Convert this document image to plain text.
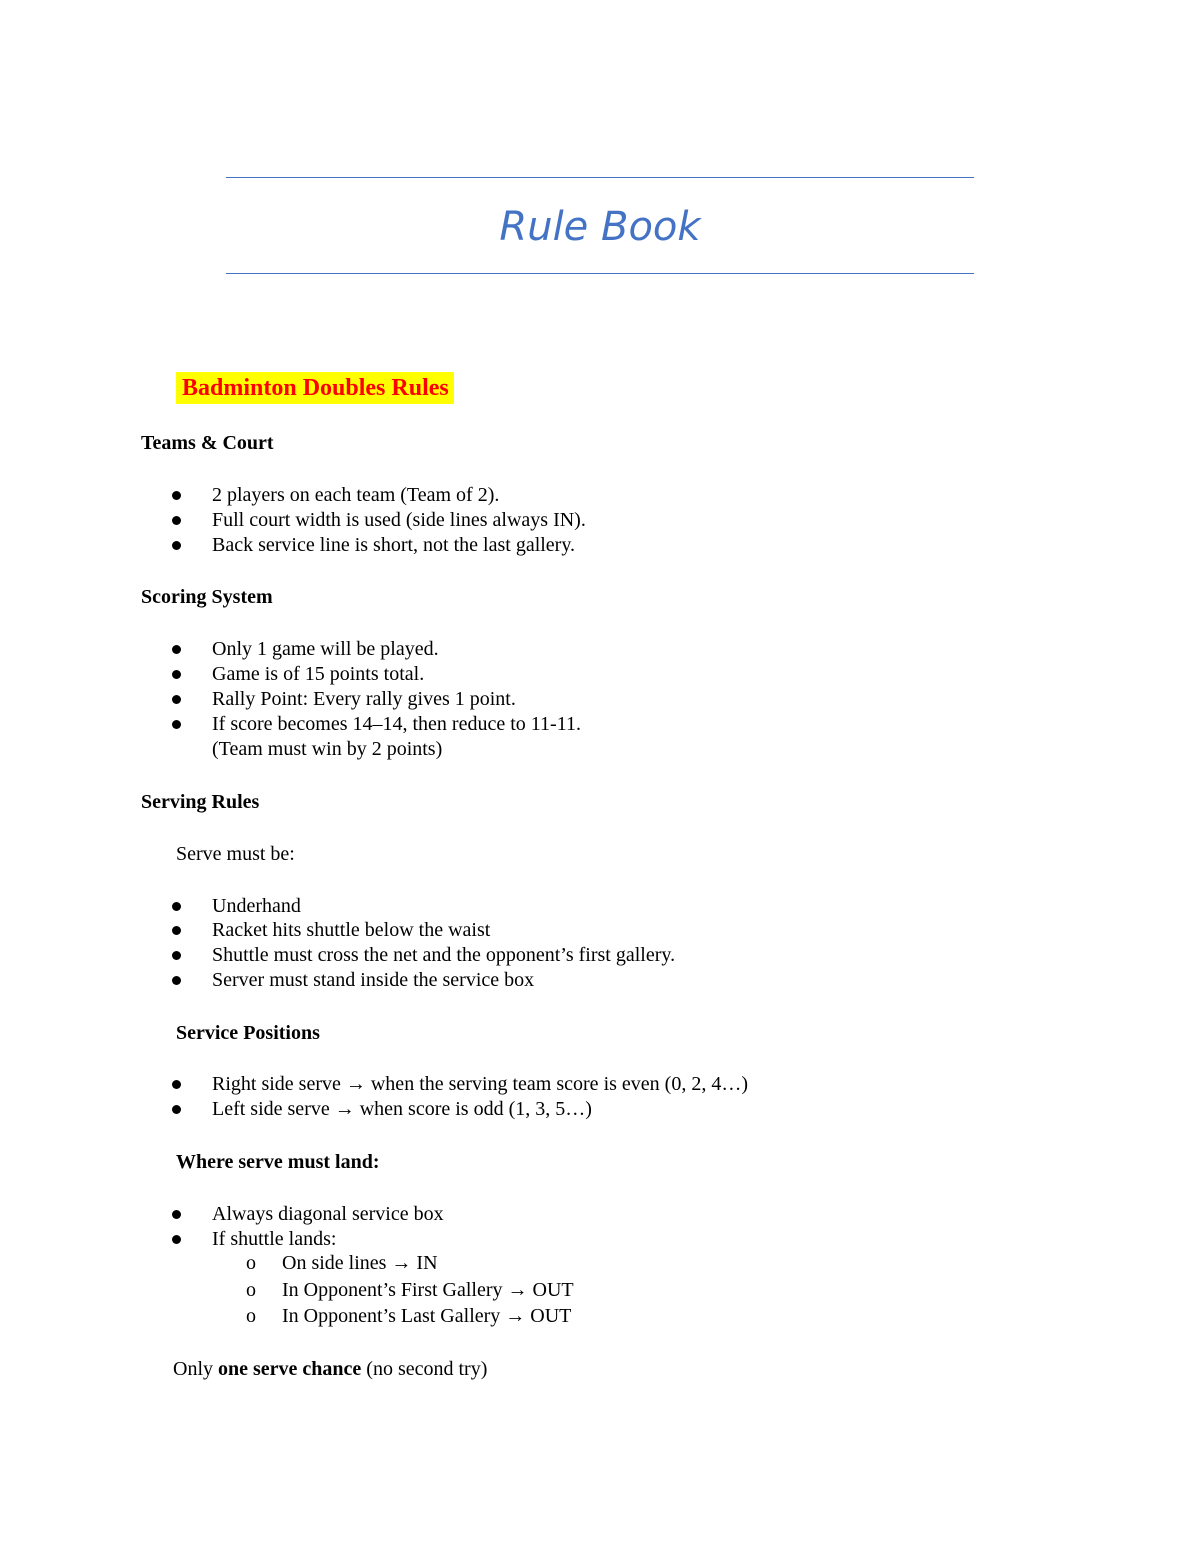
Rule Book
Badminton Doubles Rules
Teams & Court
2 players on each team (Team of 2).
Full court width is used (side lines always IN).
Back service line is short, not the last gallery.
Scoring System
Only 1 game will be played.
Game is of 15 points total.
Rally Point: Every rally gives 1 point.
If score becomes 14–14, then reduce to 11-11.
(Team must win by 2 points)
Serving Rules
Serve must be:
Underhand
Racket hits shuttle below the waist
Shuttle must cross the net and the opponent’s first gallery.
Server must stand inside the service box
Service Positions
Right side serve → when the serving team score is even (0, 2, 4…)
Left side serve → when score is odd (1, 3, 5…)
Where serve must land:
Always diagonal service box
If shuttle lands:
o On side lines → IN
o In Opponent’s First Gallery → OUT
o In Opponent’s Last Gallery → OUT
Only one serve chance (no second try)
